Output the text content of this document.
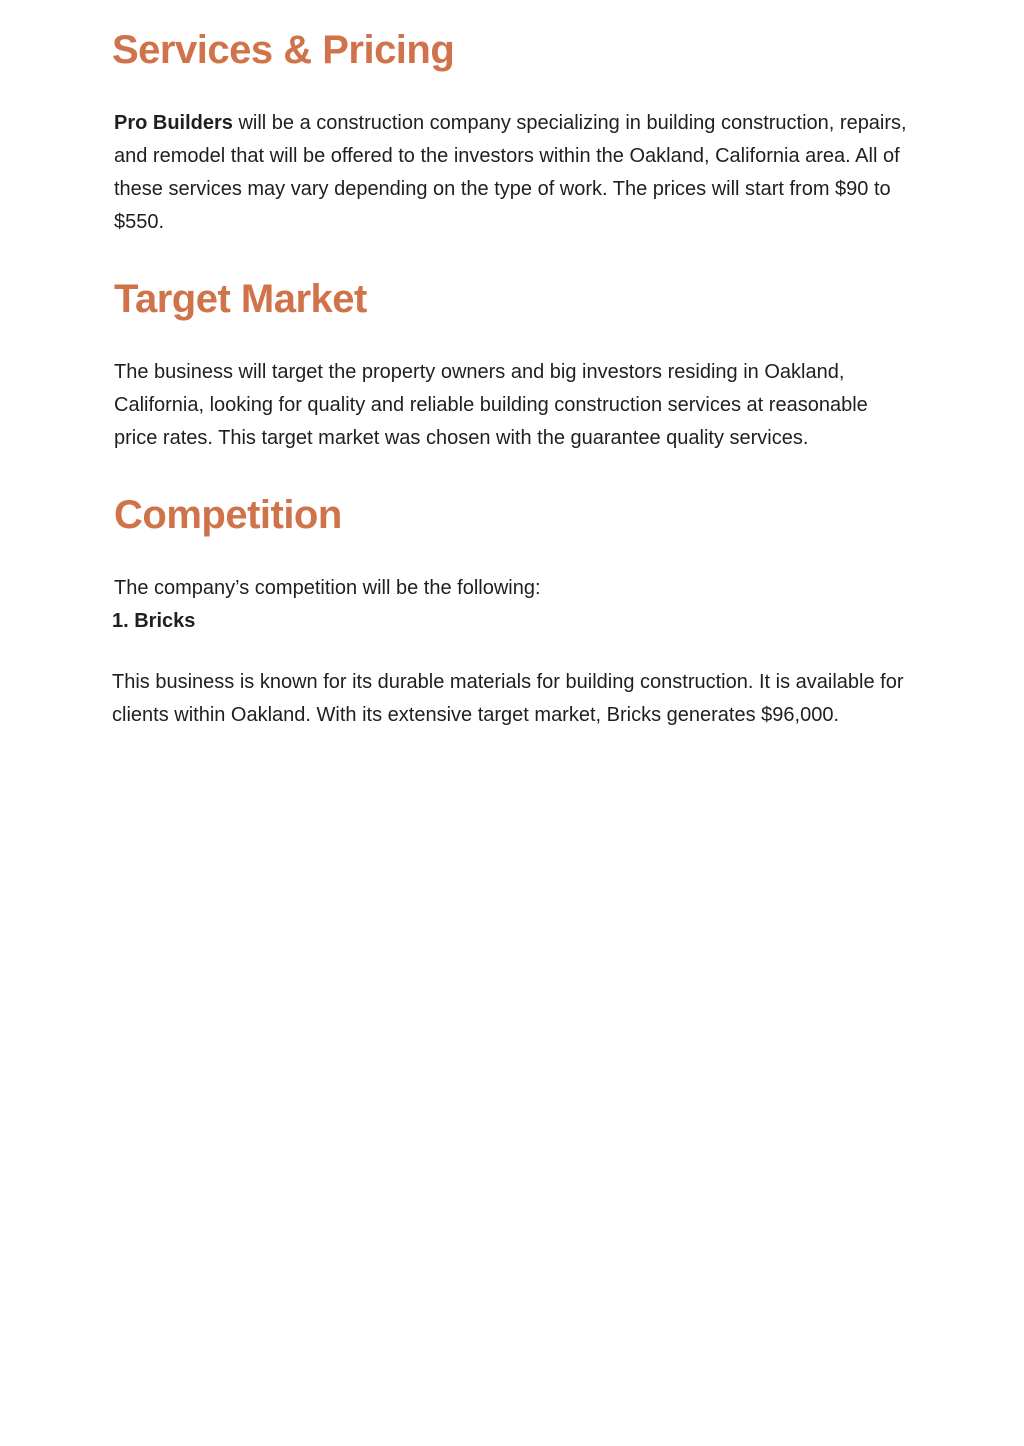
Services & Pricing

Pro Builders will be a construction company specializing in building construction, repairs, and remodel that will be offered to the investors within the Oakland, California area. All of these services may vary depending on the type of work. The prices will start from $90 to $550.

Target Market

The business will target the property owners and big investors residing in Oakland, California, looking for quality and reliable building construction services at reasonable price rates. This target market was chosen with the guarantee quality services.

Competition

The company’s competition will be the following:

1. Bricks

This business is known for its durable materials for building construction. It is available for clients within Oakland. With its extensive target market, Bricks generates $96,000.
